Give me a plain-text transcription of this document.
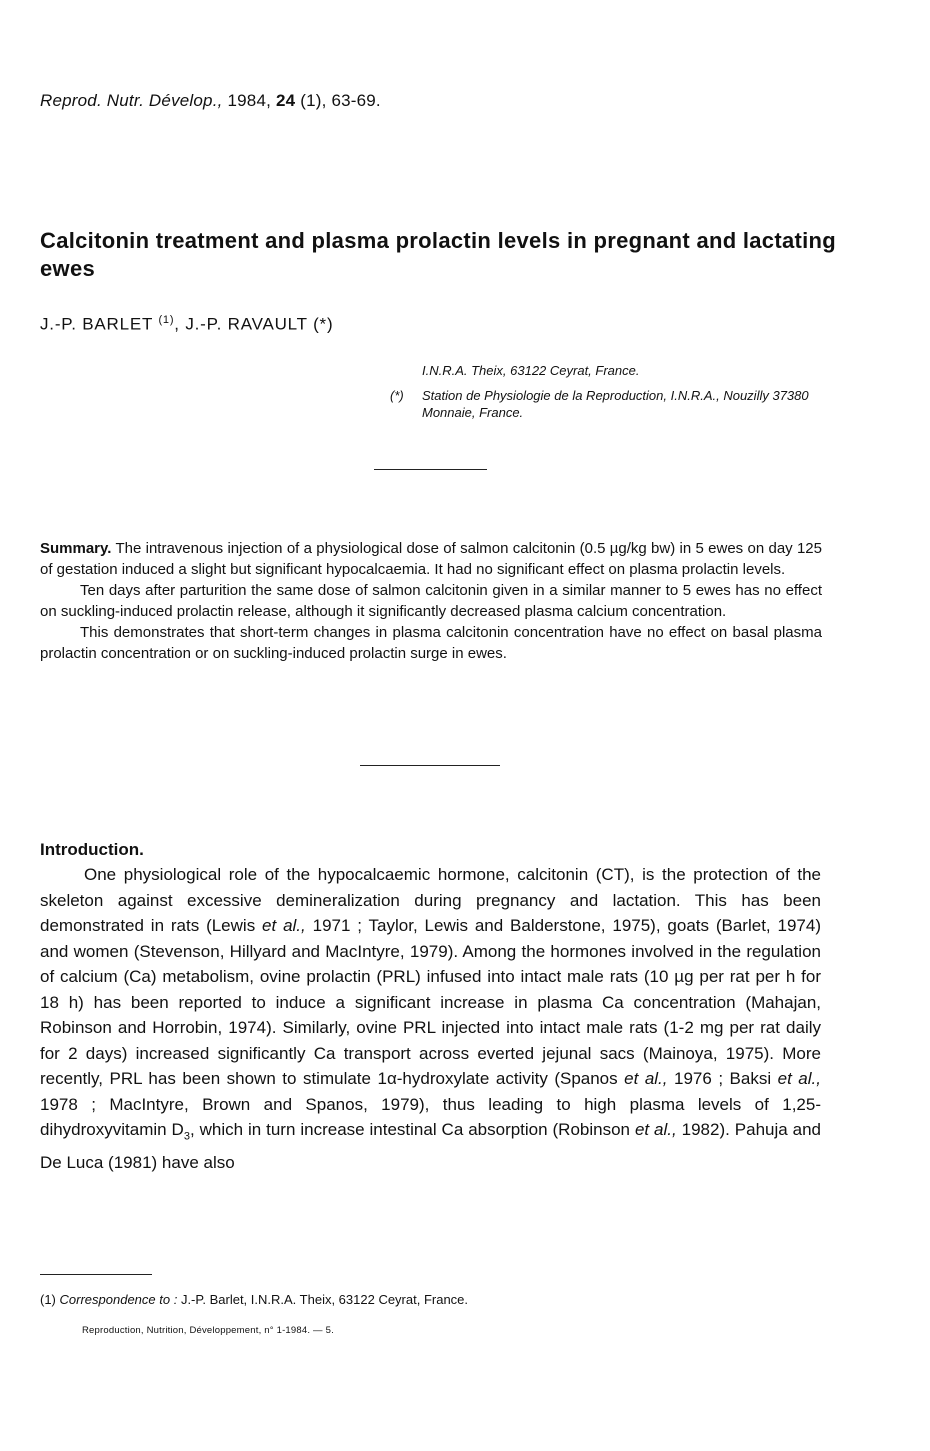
Reprod. Nutr. Dévelop., 1984, 24 (1), 63-69.
Calcitonin treatment and plasma prolactin levels in pregnant and lactating ewes
J.-P. BARLET $^{(1)}$, J.-P. RAVAULT (*)
I.N.R.A. Theix, 63122 Ceyrat, France.
(*) Station de Physiologie de la Reproduction, I.N.R.A., Nouzilly 37380 Monnaie, France.

Summary. The intravenous injection of a physiological dose of salmon calcitonin (0.5 µg/kg bw) in 5 ewes on day 125 of gestation induced a slight but significant hypocalcaemia. It had no significant effect on plasma prolactin levels.

Ten days after parturition the same dose of salmon calcitonin given in a similar manner to 5 ewes has no effect on suckling-induced prolactin release, although it significantly decreased plasma calcium concentration.

This demonstrates that short-term changes in plasma calcitonin concentration have no effect on basal plasma prolactin concentration or on suckling-induced prolactin surge in ewes.

Introduction.

One physiological role of the hypocalcaemic hormone, calcitonin (CT), is the protection of the skeleton against excessive demineralization during pregnancy and lactation. This has been demonstrated in rats (Lewis et al., 1971 ; Taylor, Lewis and Balderstone, 1975), goats (Barlet, 1974) and women (Stevenson, Hillyard and MacIntyre, 1979). Among the hormones involved in the regulation of calcium (Ca) metabolism, ovine prolactin (PRL) infused into intact male rats (10 µg per rat per h for 18 h) has been reported to induce a significant increase in plasma Ca concentration (Mahajan, Robinson and Horrobin, 1974). Similarly, ovine PRL injected into intact male rats (1-2 mg per rat daily for 2 days) increased significantly Ca transport across everted jejunal sacs (Mainoya, 1975). More recently, PRL has been shown to stimulate 1α-hydroxylate activity (Spanos et al., 1976 ; Baksi et al., 1978 ; MacIntyre, Brown and Spanos, 1979), thus leading to high plasma levels of 1,25-dihydroxyvitamin $D_3$, which in turn increase intestinal Ca absorption (Robinson et al., 1982). Pahuja and De Luca (1981) have also

(1) Correspondence to : J.-P. Barlet, I.N.R.A. Theix, 63122 Ceyrat, France.
Reproduction, Nutrition, Développement, n° 1-1984. — 5.
